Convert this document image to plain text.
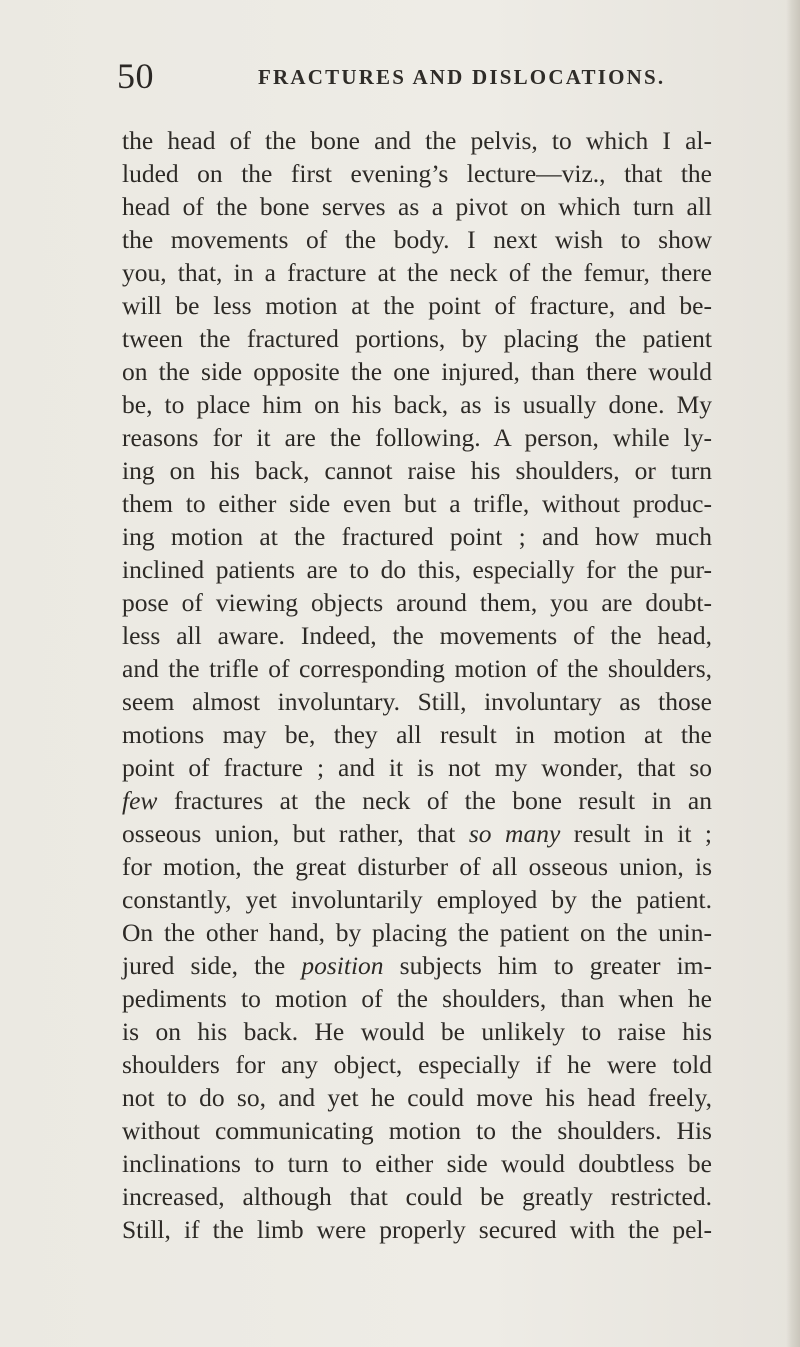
50	FRACTURES AND DISLOCATIONS.
the head of the bone and the pelvis, to which I al-
luded on the first evening’s lecture—viz., that the
head of the bone serves as a pivot on which turn all
the movements of the body. I next wish to show
you, that, in a fracture at the neck of the femur, there
will be less motion at the point of fracture, and be-
tween the fractured portions, by placing the patient
on the side opposite the one injured, than there would
be, to place him on his back, as is usually done. My
reasons for it are the following. A person, while ly-
ing on his back, cannot raise his shoulders, or turn
them to either side even but a trifle, without produc-
ing motion at the fractured point ; and how much
inclined patients are to do this, especially for the pur-
pose of viewing objects around them, you are doubt-
less all aware. Indeed, the movements of the head,
and the trifle of corresponding motion of the shoulders,
seem almost involuntary. Still, involuntary as those
motions may be, they all result in motion at the
point of fracture ; and it is not my wonder, that so
few fractures at the neck of the bone result in an
osseous union, but rather, that so many result in it ;
for motion, the great disturber of all osseous union, is
constantly, yet involuntarily employed by the patient.
On the other hand, by placing the patient on the unin-
jured side, the position subjects him to greater im-
pediments to motion of the shoulders, than when he
is on his back. He would be unlikely to raise his
shoulders for any object, especially if he were told
not to do so, and yet he could move his head freely,
without communicating motion to the shoulders. His
inclinations to turn to either side would doubtless be
increased, although that could be greatly restricted.
Still, if the limb were properly secured with the pel-
